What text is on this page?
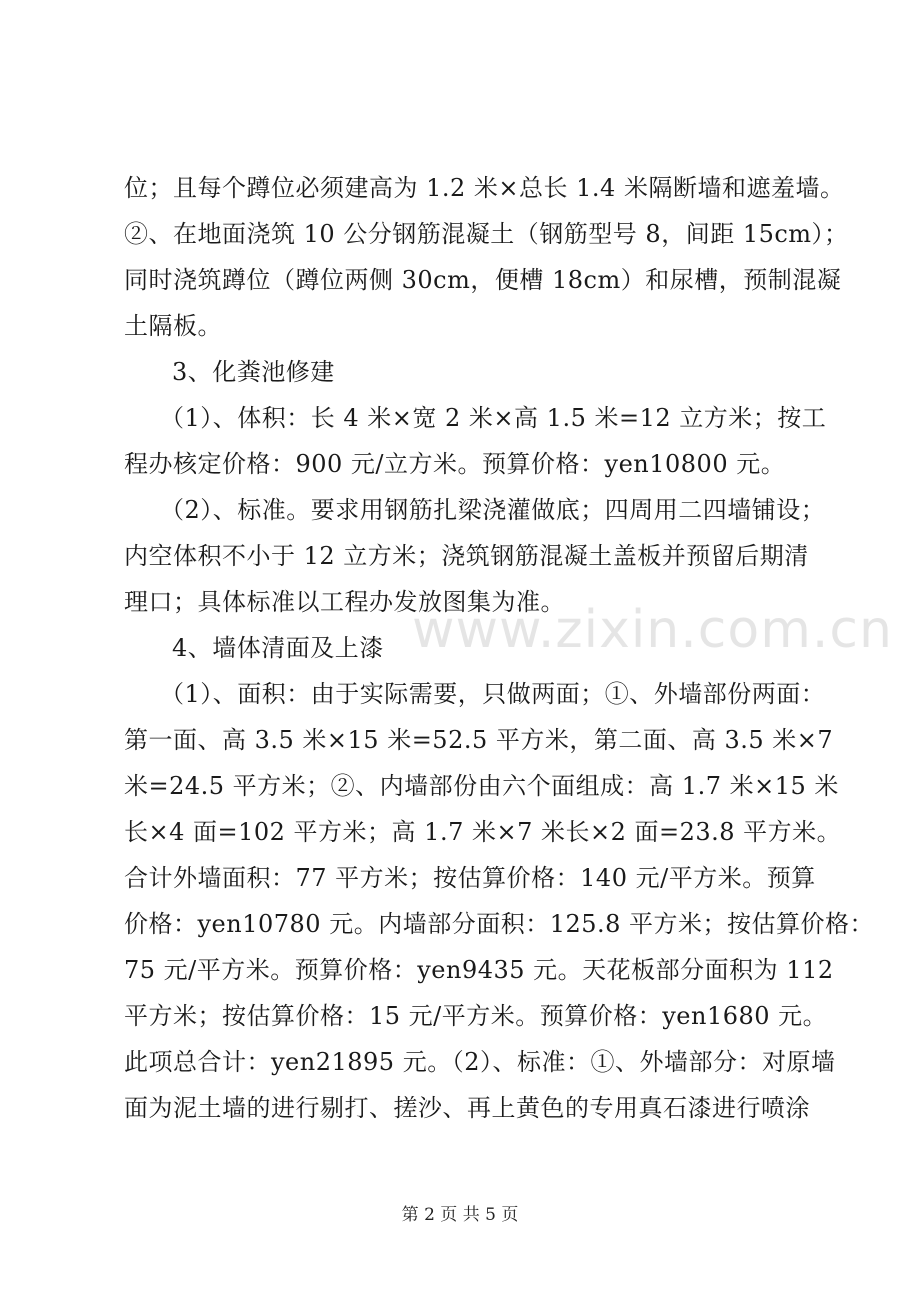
位；且每个蹲位必须建高为 1.2 米×总长 1.4 米隔断墙和遮羞墙。
②、在地面浇筑 10 公分钢筋混凝土（钢筋型号 8，间距 15cm）；
同时浇筑蹲位（蹲位两侧 30cm，便槽 18cm）和尿槽，预制混凝
土隔板。
3、化粪池修建
（1）、体积：长 4 米×宽 2 米×高 1.5 米=12 立方米；按工
程办核定价格：900 元/立方米。预算价格：yen10800 元。
（2）、标准。要求用钢筋扎梁浇灌做底；四周用二四墙铺设；
内空体积不小于 12 立方米；浇筑钢筋混凝土盖板并预留后期清
理口；具体标准以工程办发放图集为准。
www.zixin.com.cn
4、墙体清面及上漆
（1）、面积：由于实际需要，只做两面；①、外墙部份两面：
第一面、高 3.5 米×15 米=52.5 平方米，第二面、高 3.5 米×7
米=24.5 平方米；②、内墙部份由六个面组成：高 1.7 米×15 米
长×4 面=102 平方米；高 1.7 米×7 米长×2 面=23.8 平方米。
合计外墙面积：77 平方米；按估算价格：140 元/平方米。预算
价格：yen10780 元。内墙部分面积：125.8 平方米；按估算价格：
75 元/平方米。预算价格：yen9435 元。天花板部分面积为 112
平方米；按估算价格：15 元/平方米。预算价格：yen1680 元。
此项总合计：yen21895 元。（2）、标准：①、外墙部分：对原墙
面为泥土墙的进行剔打、搓沙、再上黄色的专用真石漆进行喷涂
第 2 页 共 5 页
